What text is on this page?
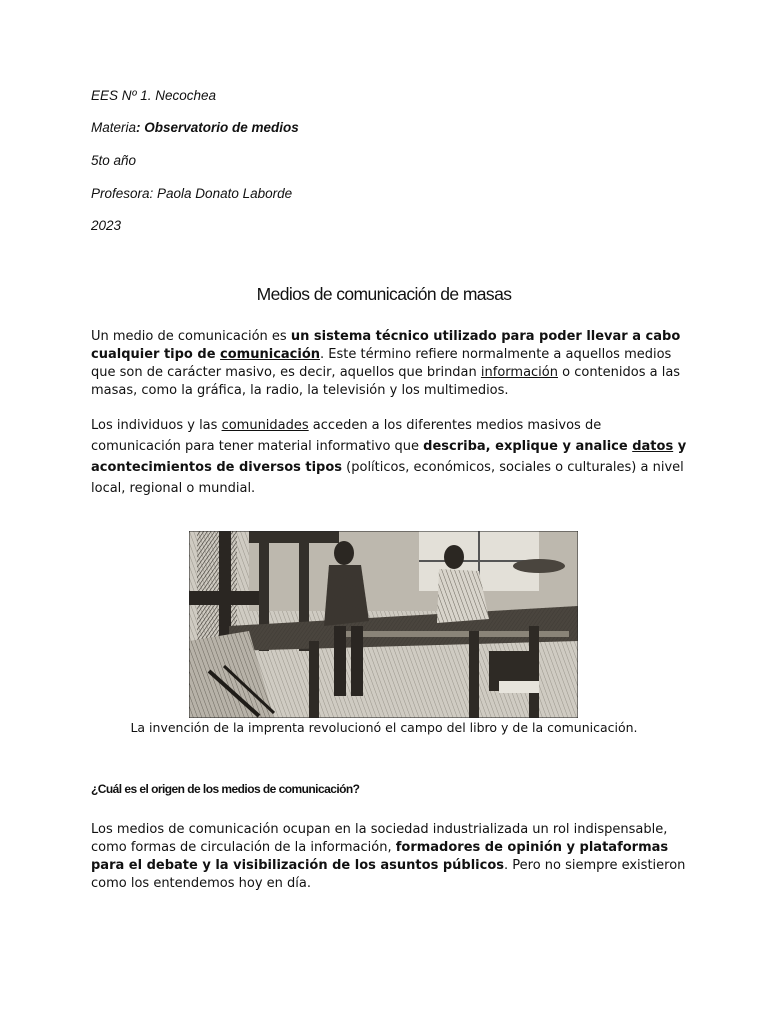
EES Nº 1. Necochea

Materia: Observatorio de medios

5to año

Profesora: Paola Donato Laborde

2023

Medios de comunicación de masas

Un medio de comunicación es un sistema técnico utilizado para poder llevar a cabo cualquier tipo de comunicación. Este término refiere normalmente a aquellos medios que son de carácter masivo, es decir, aquellos que brindan información o contenidos a las masas, como la gráfica, la radio, la televisión y los multimedios.

Los individuos y las comunidades acceden a los diferentes medios masivos de comunicación para tener material informativo que describa, explique y analice datos y acontecimientos de diversos tipos (políticos, económicos, sociales o culturales) a nivel local, regional o mundial.

La invención de la imprenta revolucionó el campo del libro y de la comunicación.

¿Cuál es el origen de los medios de comunicación?

Los medios de comunicación ocupan en la sociedad industrializada un rol indispensable, como formas de circulación de la información, formadores de opinión y plataformas para el debate y la visibilización de los asuntos públicos. Pero no siempre existieron como los entendemos hoy en día.
